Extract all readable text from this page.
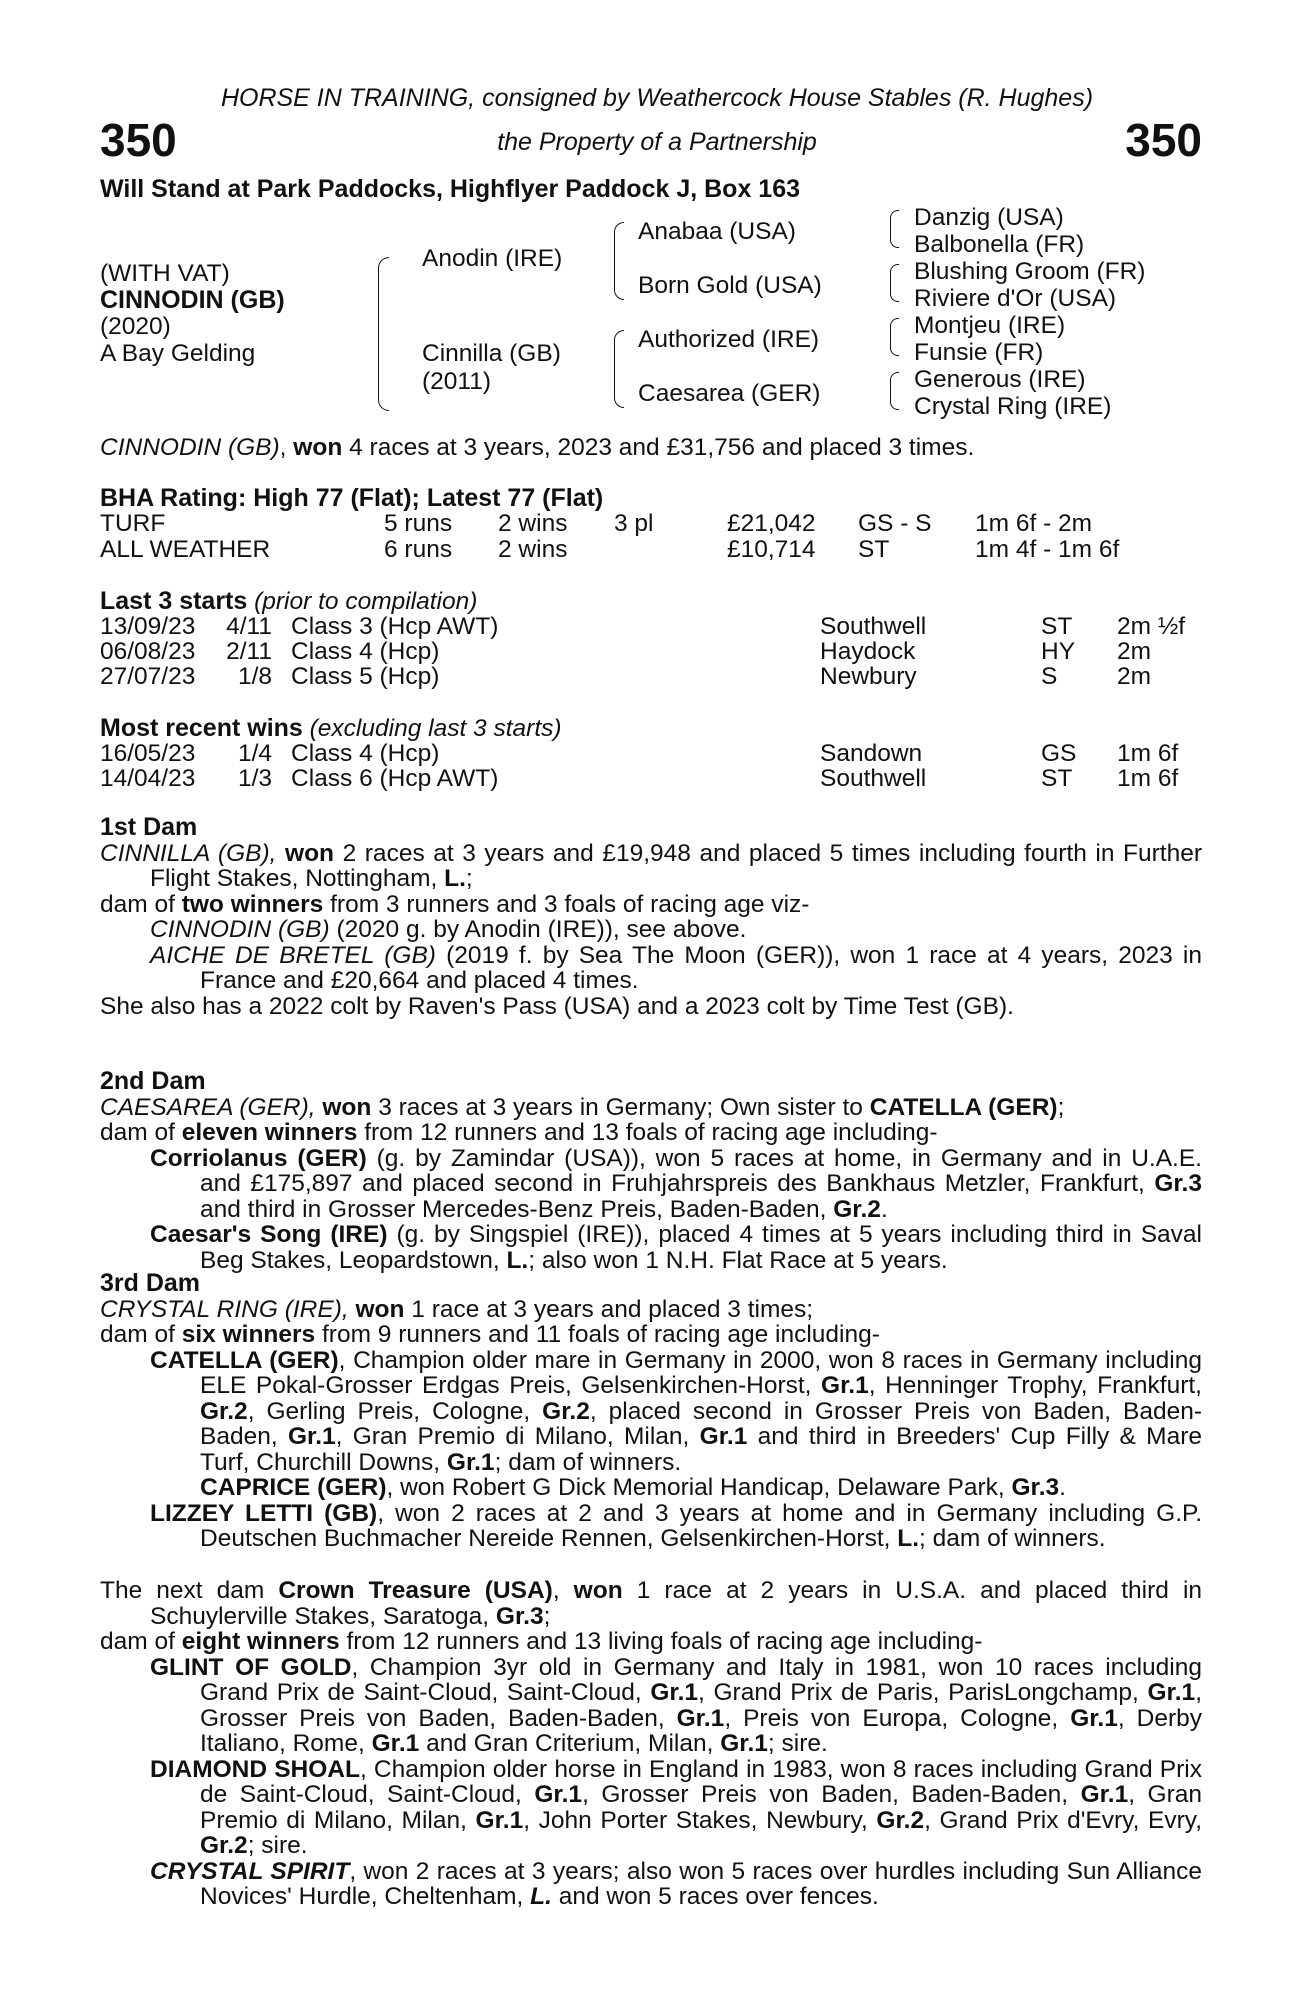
HORSE IN TRAINING, consigned by Weathercock House Stables (R. Hughes)
350	the Property of a Partnership	350
Will Stand at Park Paddocks, Highflyer Paddock J, Box 163
(WITH VAT)
CINNODIN (GB)
(2020)
A Bay Gelding
Anodin (IRE)
Cinnilla (GB)
(2011)
Anabaa (USA)
Born Gold (USA)
Authorized (IRE)
Caesarea (GER)
Danzig (USA)
Balbonella (FR)
Blushing Groom (FR)
Riviere d'Or (USA)
Montjeu (IRE)
Funsie (FR)
Generous (IRE)
Crystal Ring (IRE)
CINNODIN (GB), won 4 races at 3 years, 2023 and £31,756 and placed 3 times.
BHA Rating: High 77 (Flat); Latest 77 (Flat)
TURF	5 runs 2 wins 3 pl	£21,042 GS - S 1m 6f - 2m
ALL WEATHER	6 runs 2 wins	£10,714 ST	1m 4f - 1m 6f
Last 3 starts (prior to compilation)
13/09/23 4/11 Class 3 (Hcp AWT)	Southwell	ST 2m ½f
06/08/23 2/11 Class 4 (Hcp)	Haydock	HY 2m
27/07/23 1/8 Class 5 (Hcp)	Newbury	S 2m
Most recent wins (excluding last 3 starts)
16/05/23 1/4 Class 4 (Hcp)	Sandown	GS 1m 6f
14/04/23 1/3 Class 6 (Hcp AWT)	Southwell	ST 1m 6f

1st Dam

CINNILLA (GB), won 2 races at 3 years and £19,948 and placed 5 times including fourth in Further Flight Stakes, Nottingham, L.;

dam of two winners from 3 runners and 3 foals of racing age viz-

CINNODIN (GB) (2020 g. by Anodin (IRE)), see above.

AICHE DE BRETEL (GB) (2019 f. by Sea The Moon (GER)), won 1 race at 4 years, 2023 in France and £20,664 and placed 4 times.

She also has a 2022 colt by Raven's Pass (USA) and a 2023 colt by Time Test (GB).

2nd Dam

CAESAREA (GER), won 3 races at 3 years in Germany; Own sister to CATELLA (GER);

dam of eleven winners from 12 runners and 13 foals of racing age including-

Corriolanus (GER) (g. by Zamindar (USA)), won 5 races at home, in Germany and in U.A.E. and £175,897 and placed second in Fruhjahrspreis des Bankhaus Metzler, Frankfurt, Gr.3 and third in Grosser Mercedes-Benz Preis, Baden-Baden, Gr.2.

Caesar's Song (IRE) (g. by Singspiel (IRE)), placed 4 times at 5 years including third in Saval Beg Stakes, Leopardstown, L.; also won 1 N.H. Flat Race at 5 years.

3rd Dam

CRYSTAL RING (IRE), won 1 race at 3 years and placed 3 times;

dam of six winners from 9 runners and 11 foals of racing age including-

CATELLA (GER), Champion older mare in Germany in 2000, won 8 races in Germany including ELE Pokal-Grosser Erdgas Preis, Gelsenkirchen-Horst, Gr.1, Henninger Trophy, Frankfurt, Gr.2, Gerling Preis, Cologne, Gr.2, placed second in Grosser Preis von Baden, Baden-Baden, Gr.1, Gran Premio di Milano, Milan, Gr.1 and third in Breeders' Cup Filly & Mare Turf, Churchill Downs, Gr.1; dam of winners.

CAPRICE (GER), won Robert G Dick Memorial Handicap, Delaware Park, Gr.3.

LIZZEY LETTI (GB), won 2 races at 2 and 3 years at home and in Germany including G.P. Deutschen Buchmacher Nereide Rennen, Gelsenkirchen-Horst, L.; dam of winners.

The next dam Crown Treasure (USA), won 1 race at 2 years in U.S.A. and placed third in Schuylerville Stakes, Saratoga, Gr.3;

dam of eight winners from 12 runners and 13 living foals of racing age including-

GLINT OF GOLD, Champion 3yr old in Germany and Italy in 1981, won 10 races including Grand Prix de Saint-Cloud, Saint-Cloud, Gr.1, Grand Prix de Paris, ParisLongchamp, Gr.1, Grosser Preis von Baden, Baden-Baden, Gr.1, Preis von Europa, Cologne, Gr.1, Derby Italiano, Rome, Gr.1 and Gran Criterium, Milan, Gr.1; sire.

DIAMOND SHOAL, Champion older horse in England in 1983, won 8 races including Grand Prix de Saint-Cloud, Saint-Cloud, Gr.1, Grosser Preis von Baden, Baden-Baden, Gr.1, Gran Premio di Milano, Milan, Gr.1, John Porter Stakes, Newbury, Gr.2, Grand Prix d'Evry, Evry, Gr.2; sire.

CRYSTAL SPIRIT, won 2 races at 3 years; also won 5 races over hurdles including Sun Alliance Novices' Hurdle, Cheltenham, L. and won 5 races over fences.
